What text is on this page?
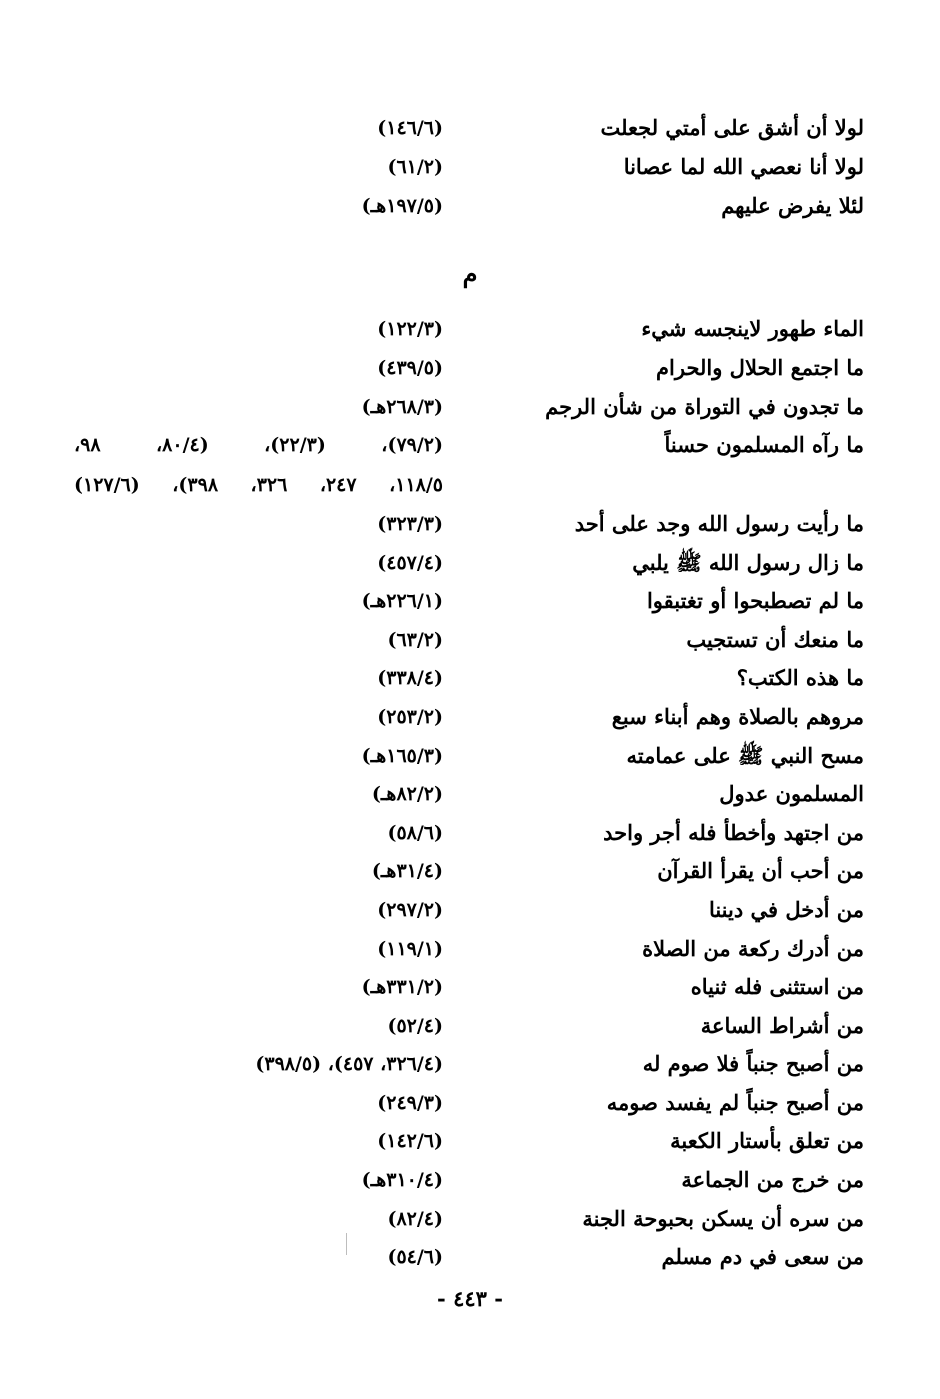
لولا أن أشق على أمتي لجعلت
(١٤٦/٦)
لولا أنا نعصي الله لما عصانا
(٦١/٢)
لئلا يفرض عليهم
(١٩٧/٥هـ)
م
الماء طهور لاينجسه شيء
(١٢٢/٣)
ما اجتمع الحلال والحرام
(٤٣٩/٥)
ما تجدون في التوراة من شأن الرجم
(٢٦٨/٣هـ)
ما رآه المسلمون حسناً
(٧٩/٢)، (٢٢/٣)، (٨٠/٤، ٩٨،
١١٨/٥، ٢٤٧، ٣٢٦، ٣٩٨)، (١٢٧/٦)
ما رأيت رسول الله وجد على أحد
(٣٢٣/٣)
ما زال رسول الله ﷺ يلبي
(٤٥٧/٤)
ما لم تصطبحوا أو تغتبقوا
(٢٢٦/١هـ)
ما منعك أن تستجيب
(٦٣/٢)
ما هذه الكتب؟
(٣٣٨/٤)
مروهم بالصلاة وهم أبناء سبع
(٢٥٣/٢)
مسح النبي ﷺ على عمامته
(١٦٥/٣هـ)
المسلمون عدول
(٨٢/٢هـ)
من اجتهد وأخطأ فله أجر واحد
(٥٨/٦)
من أحب أن يقرأ القرآن
(٣١/٤هـ)
من أدخل في ديننا
(٢٩٧/٢)
من أدرك ركعة من الصلاة
(١١٩/١)
من استثنى فله ثنياه
(٣٣١/٢هـ)
من أشراط الساعة
(٥٢/٤)
من أصبح جنباً فلا صوم له
(٣٢٦/٤، ٤٥٧)، (٣٩٨/٥)
من أصبح جنباً لم يفسد صومه
(٢٤٩/٣)
من تعلق بأستار الكعبة
(١٤٢/٦)
من خرج من الجماعة
(٣١٠/٤هـ)
من سره أن يسكن بحبوحة الجنة
(٨٢/٤)
من سعى في دم مسلم
(٥٤/٦)
- ٤٤٣ -
